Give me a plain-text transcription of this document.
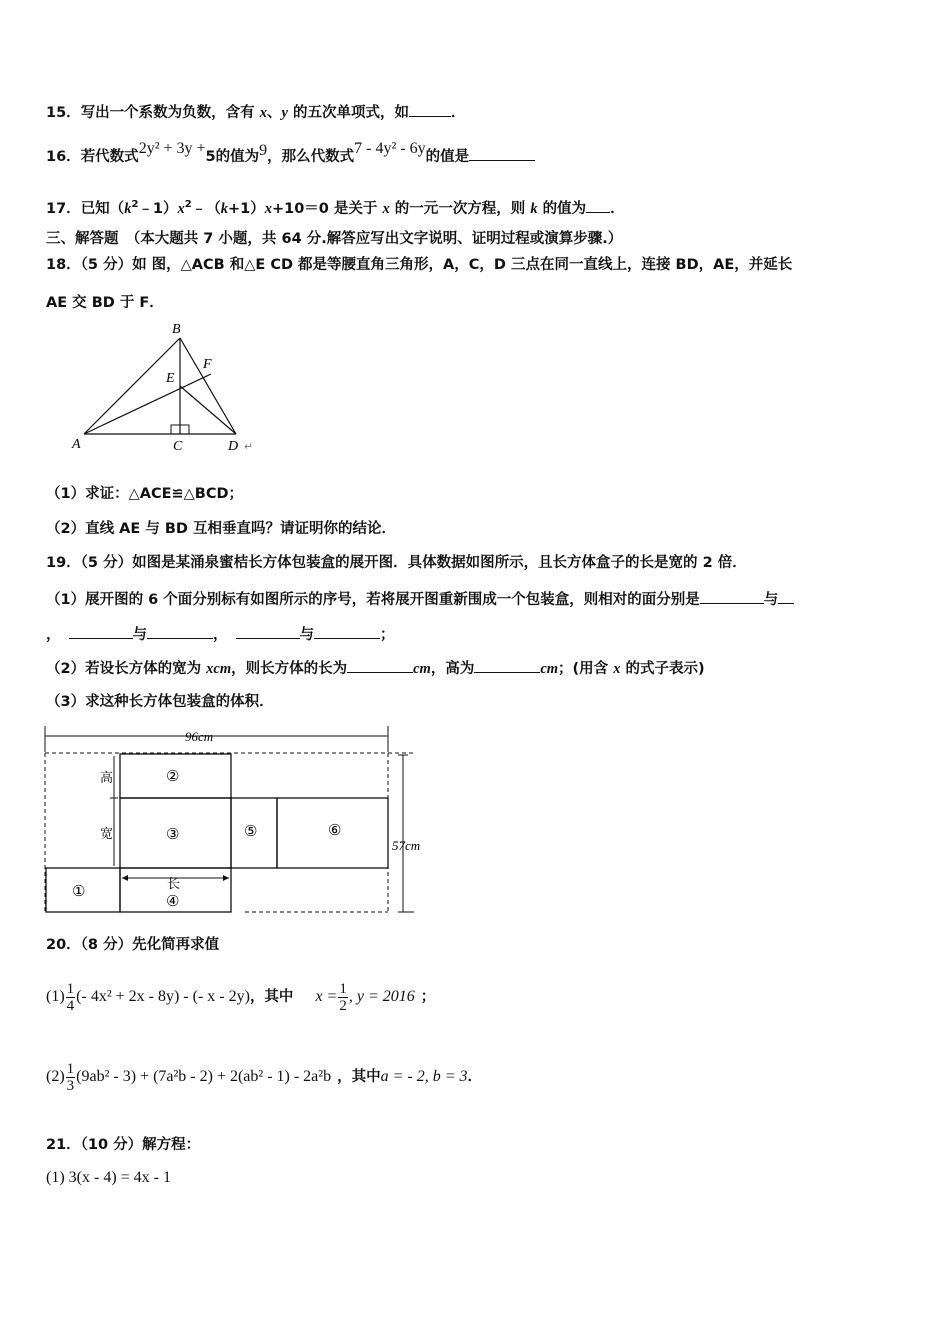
15．写出一个系数为负数，含有 x、y 的五次单项式，如	．
16．若代数式2y² + 3y +5的值为9，那么代数式7 - 4y² - 6y的值是
17．已知$(k^2﹣1)x^2﹣(k+1)x+10=0$ 是关于 x 的一元一次方程，则 k 的值为 ．
三、解答题　（本大题共 7 小题，共 64 分.解答应写出文字说明、证明过程或演算步骤.）
18．（5 分）如 图，△ACB 和△E CD 都是等腰直角三角形，A，C，D 三点在同一直线上，连接 BD，AE，并延长
AE 交 BD 于 F．
A
B
C	D ↵
E
F
（1）求证：△ACE≌△BCD；
（2）直线 AE 与 BD 互相垂直吗？请证明你的结论．
19．（5 分）如图是某涌泉蜜桔长方体包装盒的展开图．具体数据如图所示，且长方体盒子的长是宽的 2 倍．
（1）展开图的 6 个面分别标有如图所示的序号，若将展开图重新围成一个包装盒，则相对的面分别是	与
，	与	，	与	；
（2）若设长方体的宽为 xcm，则长方体的长为	cm，高为	cm；(用含 x 的式子表示)
（3）求这种长方体包装盒的体积．
96cm
57cm
高
宽
长
②
③	⑤	⑥
①
④
20．（8 分）先化简再求值
$(1) \frac{1}{4}$ (- 4x² + 2x - 8y) - (- x - 2y)，其中 $x = \frac{1}{2}$ , y = 2016 ；
$(2) \frac{1}{3} (9ab^2 - 3) + (7a^2b - 2) + 2(ab^2 - 1) - 2a^2b$ ，其中a = - 2, b = 3．
21．（10 分）解方程：
(1) 3(x - 4) = 4x - 1
